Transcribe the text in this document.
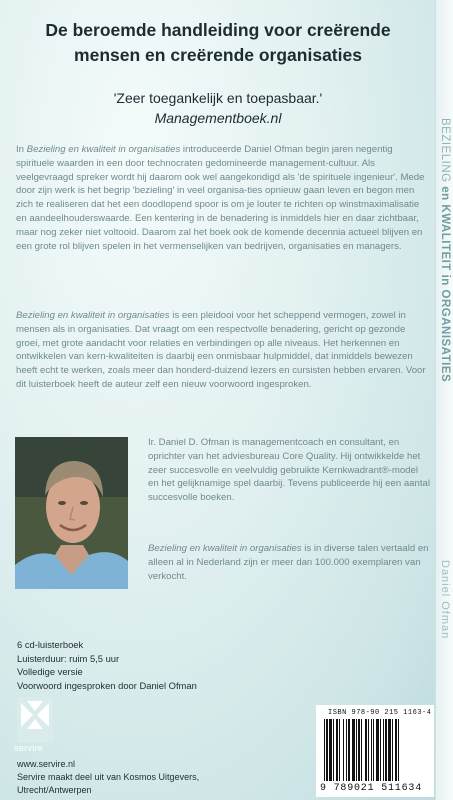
De beroemde handleiding voor creërende
mensen en creërende organisaties
'Zeer toegankelijk en toepasbaar.'
Managementboek.nl

In Bezieling en kwaliteit in organisaties introduceerde Daniel Ofman begin jaren negentig spirituele waarden in een door technocraten gedomineerde management-cultuur. Als veelgevraagd spreker wordt hij daarom ook wel aangekondigd als 'de spirituele ingenieur'. Mede door zijn werk is het begrip 'bezieling' in veel organisa-ties opnieuw gaan leven en begon men zich te realiseren dat het een doodlopend spoor is om je louter te richten op winstmaximalisatie en aandeelhouderswaarde. Een kentering in de benadering is inmiddels hier en daar zichtbaar, maar nog zeker niet voltooid. Daarom zal het boek ook de komende decennia actueel blijven en een grote rol blijven spelen in het vermenselijken van bedrijven, organisaties en managers.

Bezieling en kwaliteit in organisaties is een pleidooi voor het scheppend vermogen, zowel in mensen als in organisaties. Dat vraagt om een respectvolle benadering, gericht op gezonde groei, met grote aandacht voor relaties en verbindingen op alle niveaus. Het herkennen en ontwikkelen van kern-kwaliteiten is daarbij een onmisbaar hulpmiddel, dat inmiddels bewezen heeft echt te werken, zoals meer dan honderd-duizend lezers en cursisten hebben ervaren. Voor dit luisterboek heeft de auteur zelf een nieuw voorwoord ingesproken.

Ir. Daniel D. Ofman is managementcoach en consultant, en oprichter van het adviesbureau Core Quality. Hij ontwikkelde het zeer succesvolle en veelvuldig gebruikte Kernkwadrant®-model en het gelijknamige spel daarbij. Tevens publiceerde hij een aantal succesvolle boeken.

Bezieling en kwaliteit in organisaties is in diverse talen vertaald en alleen al in Nederland zijn er meer dan 100.000 exemplaren van verkocht.

6 cd-luisterboek
Luisterduur: ruim 5,5 uur
Volledige versie
Voorwoord ingesproken door Daniel Ofman

servire

www.servire.nl
Servire maakt deel uit van Kosmos Uitgevers,
Utrecht/Antwerpen

ISBN 978-90 215 1163-4
9 789021 511634
BEZIELING en KWALITEIT in ORGANISATIES
Daniel Ofman
